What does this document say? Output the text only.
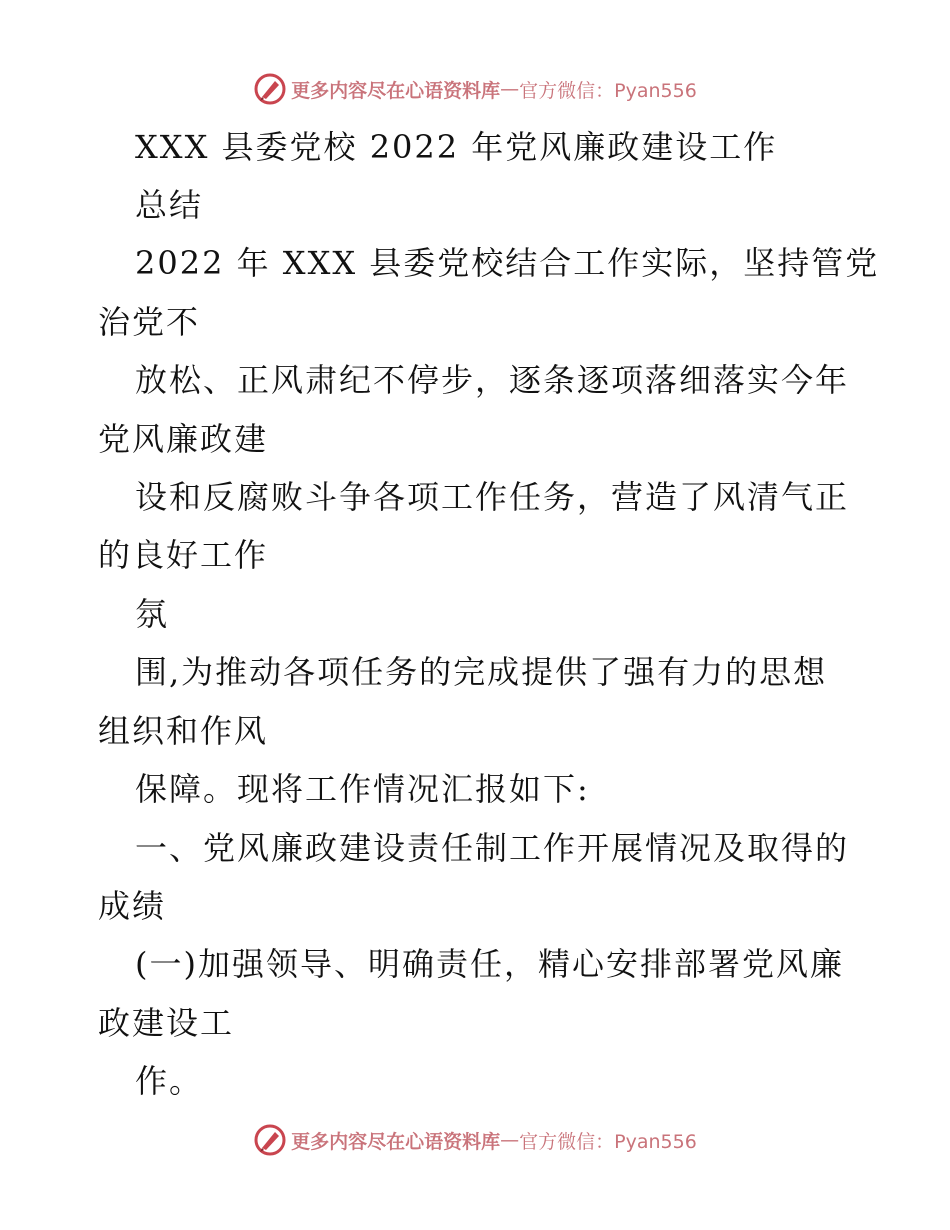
更多内容尽在心语资料库 — 官方微信：Pyan556
XXX 县委党校 2022 年党风廉政建设工作
总结
2022 年 XXX 县委党校结合工作实际，坚持管党
治党不
放松、正风肃纪不停步，逐条逐项落细落实今年
党风廉政建
设和反腐败斗争各项工作任务，营造了风清气正
的良好工作
氛
围,为推动各项任务的完成提供了强有力的思想
组织和作风
保障。现将工作情况汇报如下:
一、党风廉政建设责任制工作开展情况及取得的
成绩
(一)加强领导、明确责任，精心安排部署党风廉
政建设工
作。
更多内容尽在心语资料库 — 官方微信：Pyan556
